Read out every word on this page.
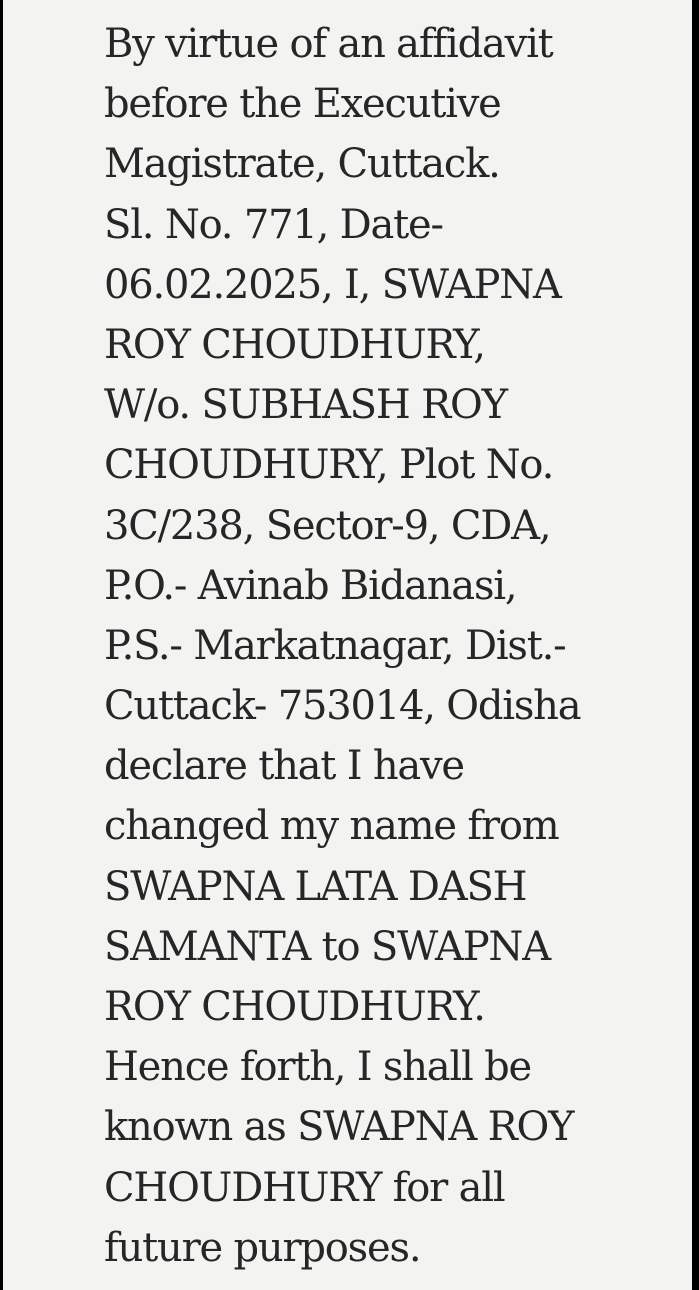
By virtue of an affidavit
before the Executive
Magistrate, Cuttack.
Sl. No. 771, Date-
06.02.2025, I, SWAPNA
ROY CHOUDHURY,
W/o. SUBHASH ROY
CHOUDHURY, Plot No.
3C/238, Sector-9, CDA,
P.O.- Avinab Bidanasi,
P.S.- Markatnagar, Dist.-
Cuttack- 753014, Odisha
declare that I have
changed my name from
SWAPNA LATA DASH
SAMANTA to SWAPNA
ROY CHOUDHURY.
Hence forth, I shall be
known as SWAPNA ROY
CHOUDHURY for all
future purposes.
